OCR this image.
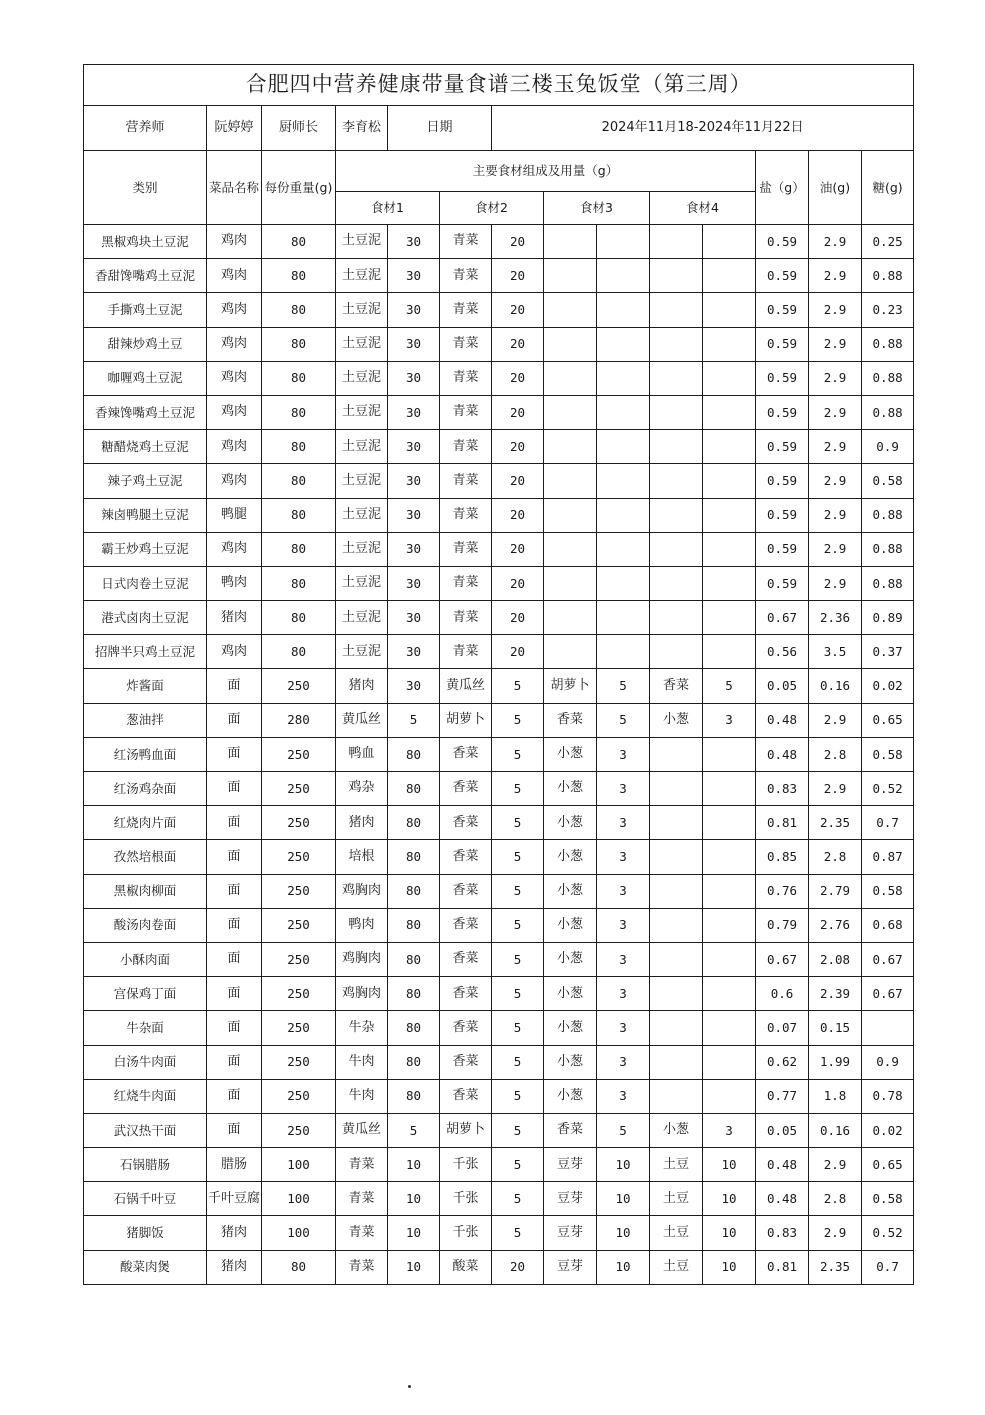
合肥四中营养健康带量食谱三楼玉兔饭堂（第三周）													
营养师	阮婷婷	厨师长	李育松	日期		2024年11月18-2024年11月22日							
类别	菜品名称	每份重量(g)	主要食材组成及用量（g）								盐（g）	油(g)	糖(g)
			食材1		食材2		食材3		食材4				
黑椒鸡块土豆泥	鸡肉	80	土豆泥	30	青菜	20					0.59	2.9	0.25
香甜馋嘴鸡土豆泥	鸡肉	80	土豆泥	30	青菜	20					0.59	2.9	0.88
手撕鸡土豆泥	鸡肉	80	土豆泥	30	青菜	20					0.59	2.9	0.23
甜辣炒鸡土豆	鸡肉	80	土豆泥	30	青菜	20					0.59	2.9	0.88
咖喱鸡土豆泥	鸡肉	80	土豆泥	30	青菜	20					0.59	2.9	0.88
香辣馋嘴鸡土豆泥	鸡肉	80	土豆泥	30	青菜	20					0.59	2.9	0.88
糖醋烧鸡土豆泥	鸡肉	80	土豆泥	30	青菜	20					0.59	2.9	0.9
辣子鸡土豆泥	鸡肉	80	土豆泥	30	青菜	20					0.59	2.9	0.58
辣卤鸭腿土豆泥	鸭腿	80	土豆泥	30	青菜	20					0.59	2.9	0.88
霸王炒鸡土豆泥	鸡肉	80	土豆泥	30	青菜	20					0.59	2.9	0.88
日式肉卷土豆泥	鸭肉	80	土豆泥	30	青菜	20					0.59	2.9	0.88
港式卤肉土豆泥	猪肉	80	土豆泥	30	青菜	20					0.67	2.36	0.89
招牌半只鸡土豆泥	鸡肉	80	土豆泥	30	青菜	20					0.56	3.5	0.37
炸酱面	面	250	猪肉	30	黄瓜丝	5	胡萝卜	5	香菜	5	0.05	0.16	0.02
葱油拌	面	280	黄瓜丝	5	胡萝卜	5	香菜	5	小葱	3	0.48	2.9	0.65
红汤鸭血面	面	250	鸭血	80	香菜	5	小葱	3			0.48	2.8	0.58
红汤鸡杂面	面	250	鸡杂	80	香菜	5	小葱	3			0.83	2.9	0.52
红烧肉片面	面	250	猪肉	80	香菜	5	小葱	3			0.81	2.35	0.7
孜然培根面	面	250	培根	80	香菜	5	小葱	3			0.85	2.8	0.87
黑椒肉柳面	面	250	鸡胸肉	80	香菜	5	小葱	3			0.76	2.79	0.58
酸汤肉卷面	面	250	鸭肉	80	香菜	5	小葱	3			0.79	2.76	0.68
小酥肉面	面	250	鸡胸肉	80	香菜	5	小葱	3			0.67	2.08	0.67
宫保鸡丁面	面	250	鸡胸肉	80	香菜	5	小葱	3			0.6	2.39	0.67
牛杂面	面	250	牛杂	80	香菜	5	小葱	3			0.07	0.15	
白汤牛肉面	面	250	牛肉	80	香菜	5	小葱	3			0.62	1.99	0.9
红烧牛肉面	面	250	牛肉	80	香菜	5	小葱	3			0.77	1.8	0.78
武汉热干面	面	250	黄瓜丝	5	胡萝卜	5	香菜	5	小葱	3	0.05	0.16	0.02
石锅腊肠	腊肠	100	青菜	10	千张	5	豆芽	10	土豆	10	0.48	2.9	0.65
石锅千叶豆	千叶豆腐	100	青菜	10	千张	5	豆芽	10	土豆	10	0.48	2.8	0.58
猪脚饭	猪肉	100	青菜	10	千张	5	豆芽	10	土豆	10	0.83	2.9	0.52
酸菜肉煲	猪肉	80	青菜	10	酸菜	20	豆芽	10	土豆	10	0.81	2.35	0.7
